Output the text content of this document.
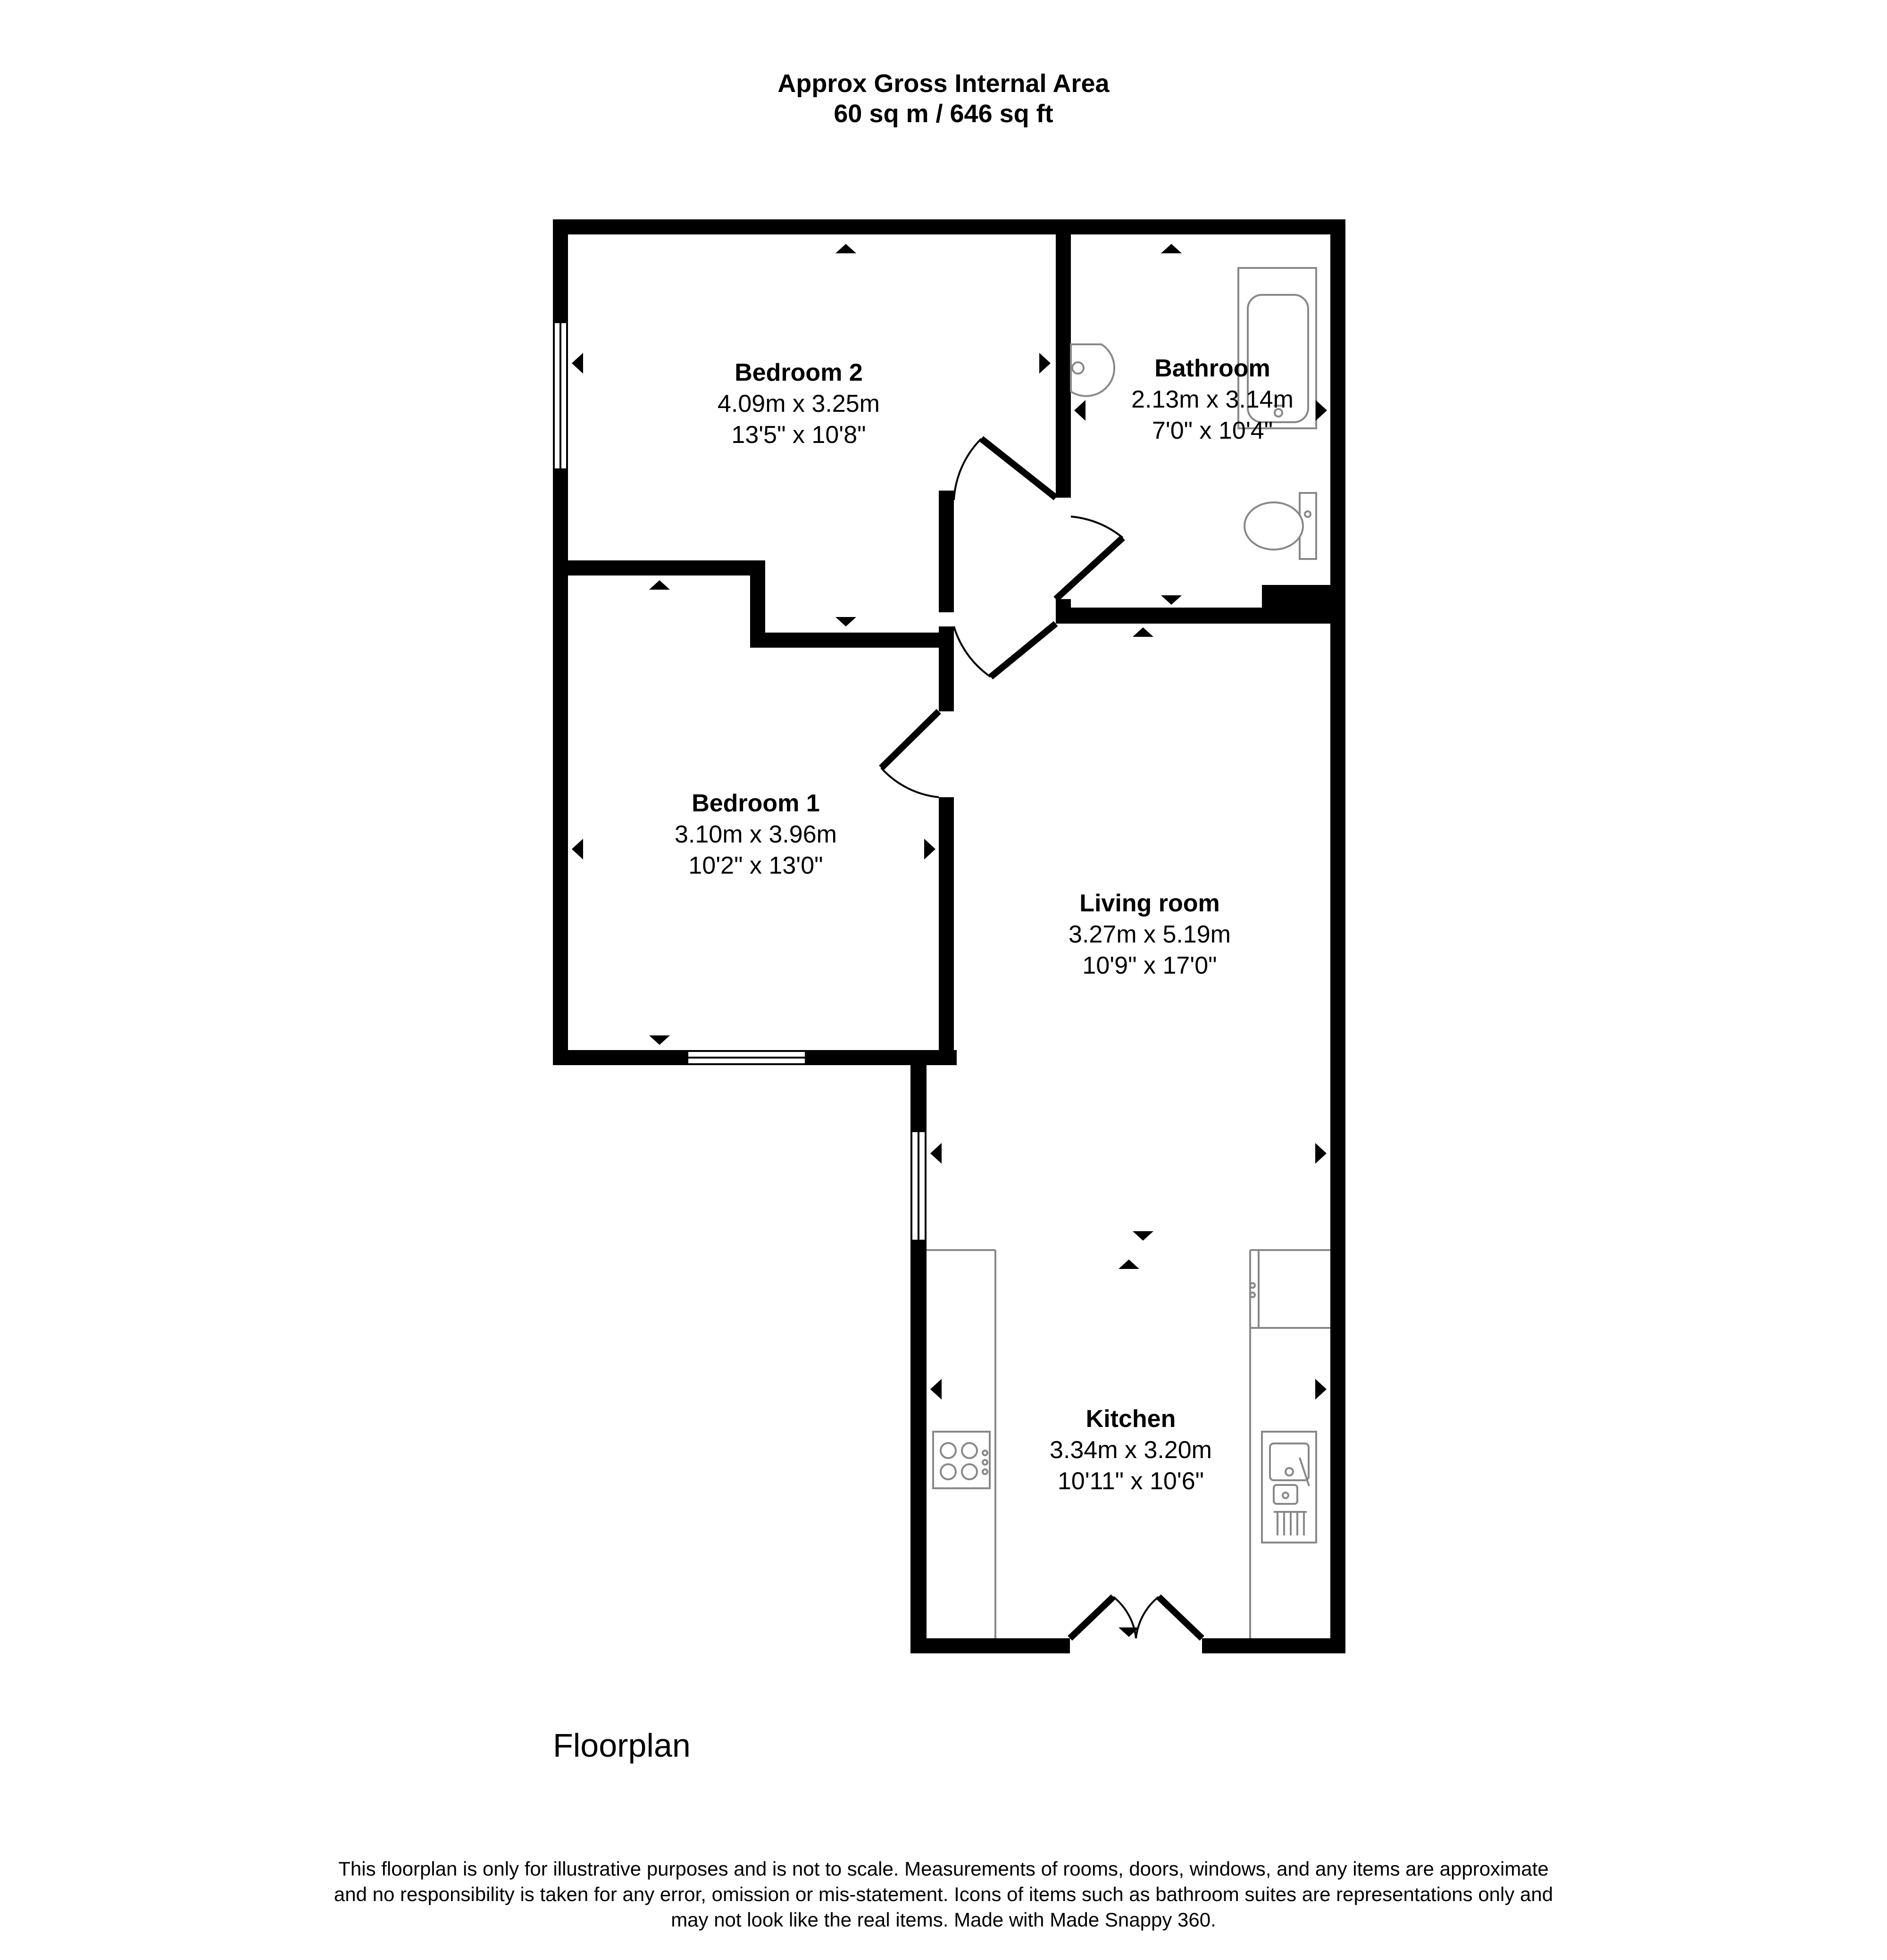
Approx Gross Internal Area
60 sq m / 646 sq ft
Bedroom 2
4.09m x 3.25m
13'5" x 10'8"
Bathroom
2.13m x 3.14m
7'0" x 10'4"
Bedroom 1
3.10m x 3.96m
10'2" x 13'0"
Living room
3.27m x 5.19m
10'9" x 17'0"
Kitchen
3.34m x 3.20m
10'11" x 10'6"
Floorplan
This floorplan is only for illustrative purposes and is not to scale. Measurements of rooms, doors, windows, and any items are approximate
and no responsibility is taken for any error, omission or mis-statement. Icons of items such as bathroom suites are representations only and
may not look like the real items. Made with Made Snappy 360.
